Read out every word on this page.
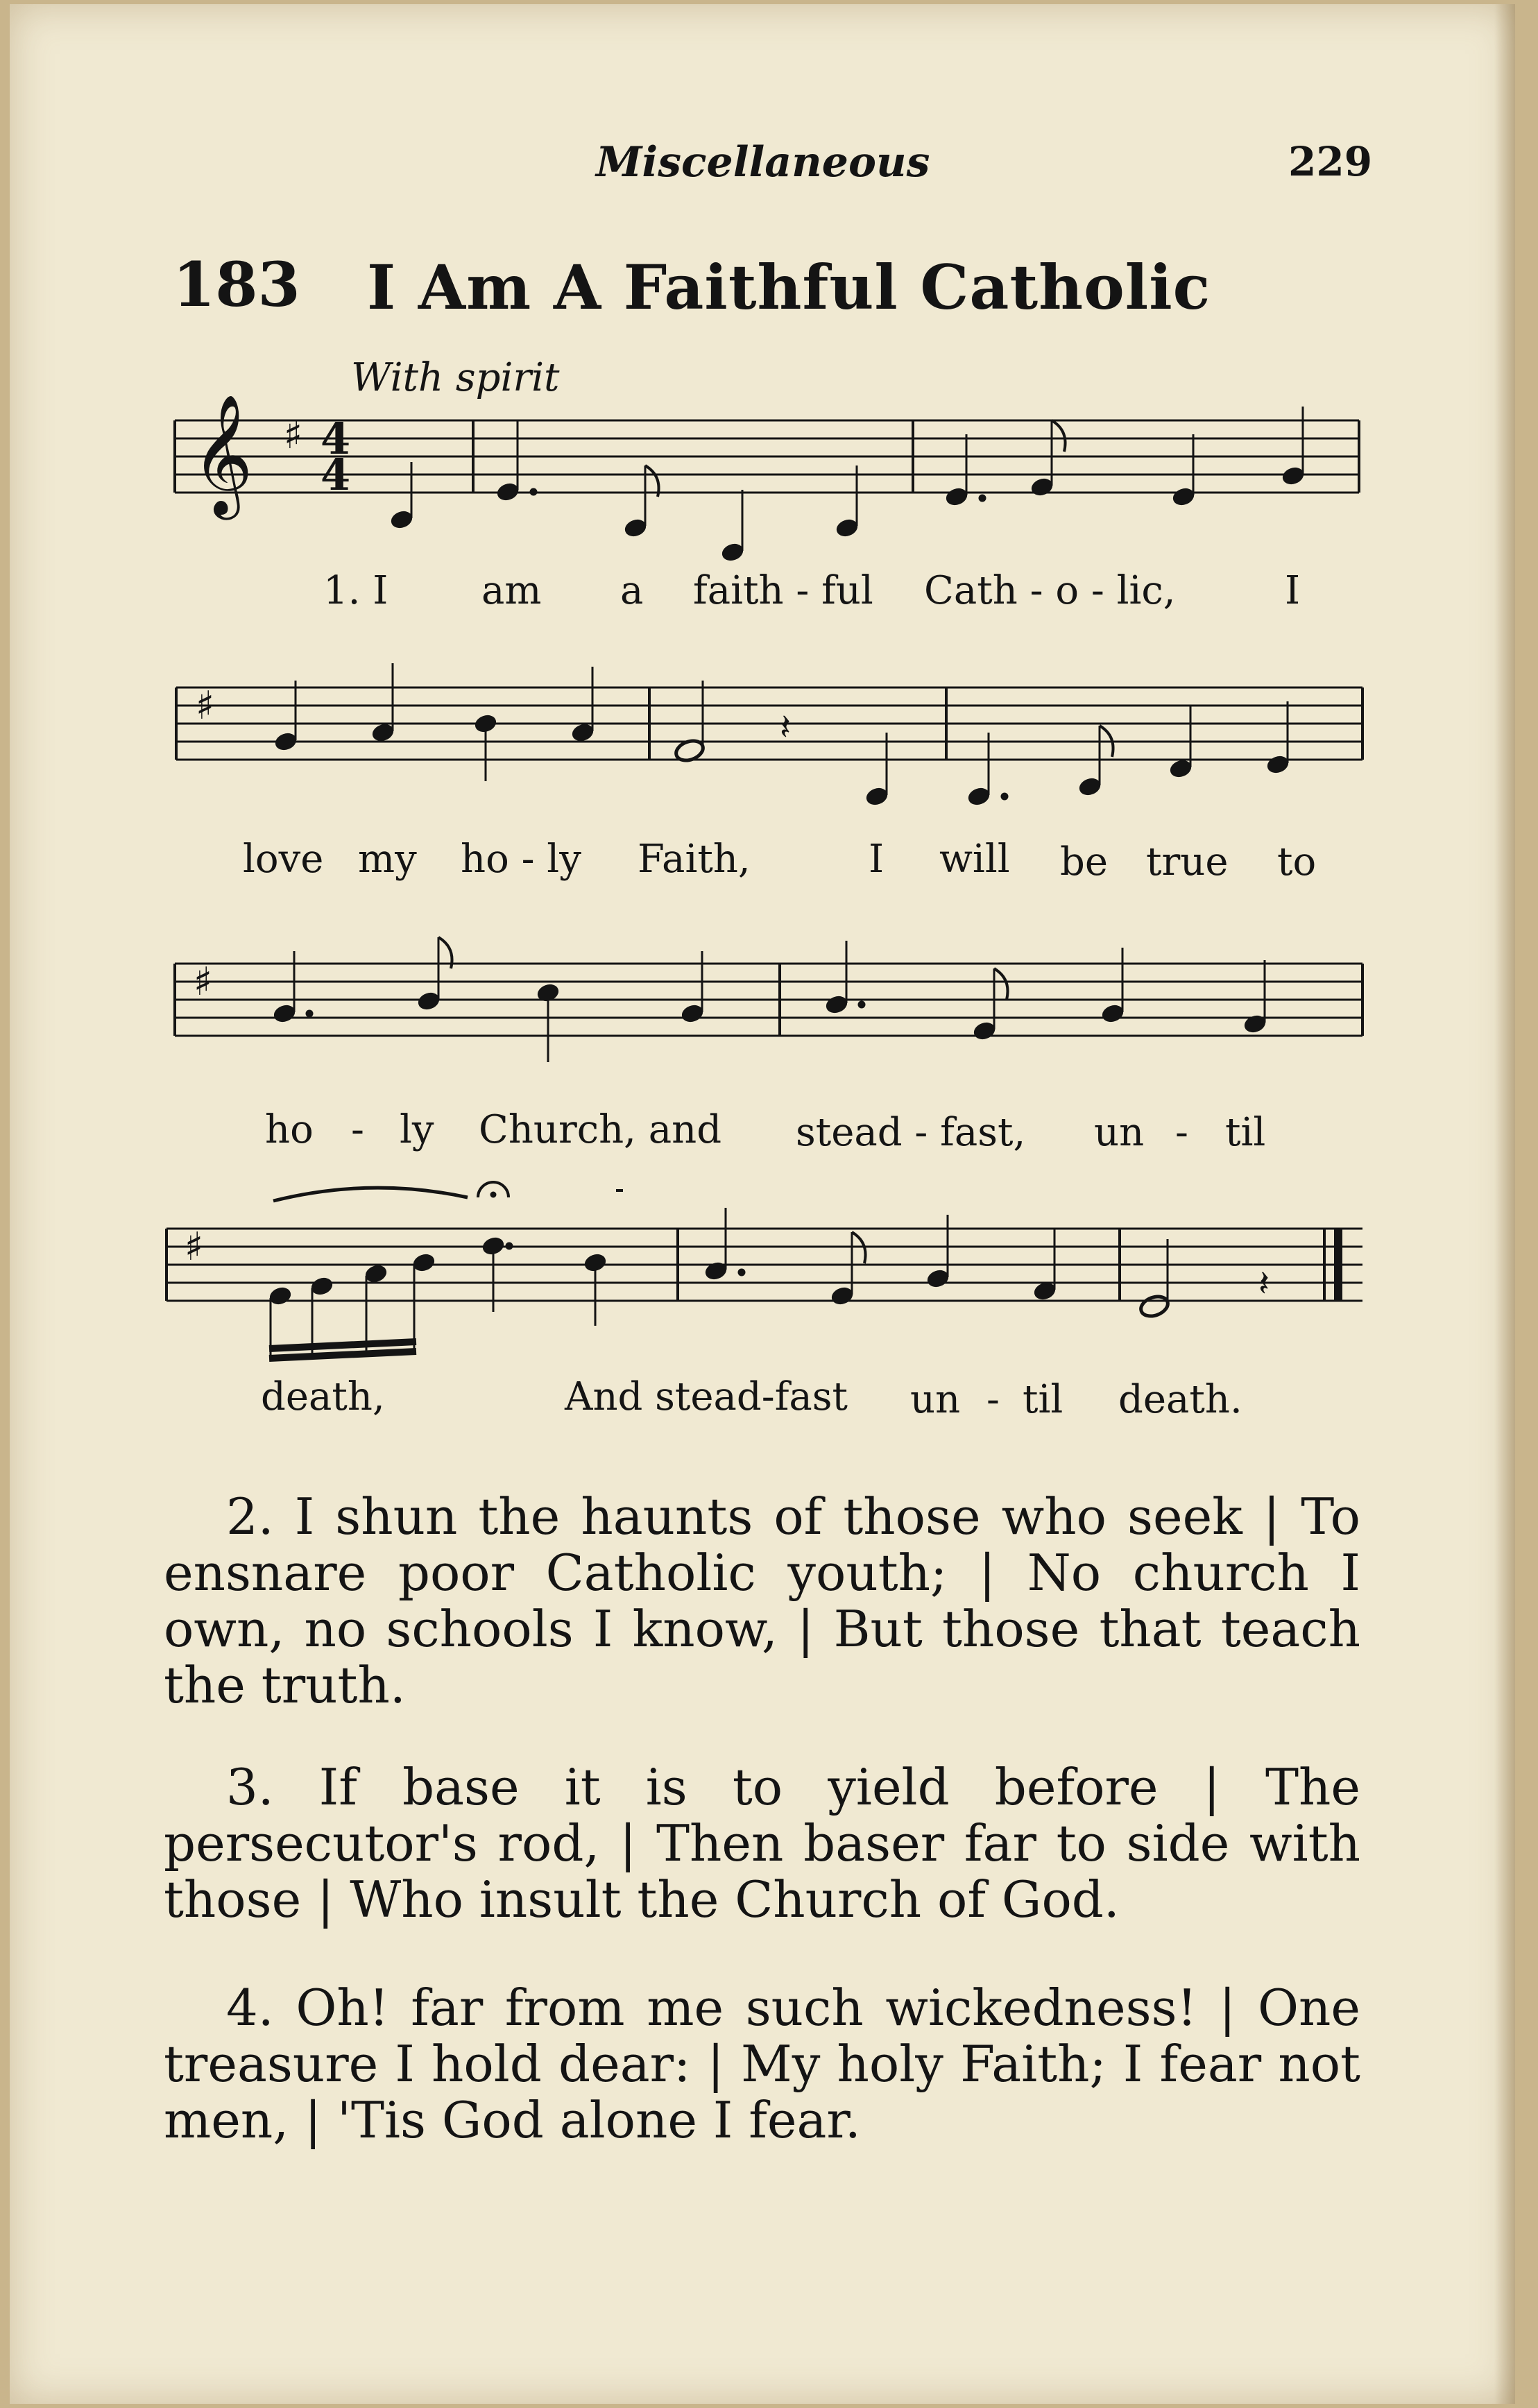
Miscellaneous	229
183 I Am A Faithful Catholic
With spirit
𝄞 ♯ 4
4
♯	𝄽
♯
♯
𝄽
1. I am a faith - ful Cath - o - lic,	I
love my ho - ly Faith,	I will be true to
ho - ly Church, and stead - fast, un - til
death,	And stead-fast un - til death.

2. I shun the haunts of those who seek | To ensnare poor Catholic youth; | No church I own, no schools I know, | But those that teach the truth.

3. If base it is to yield before | The persecutor's rod, | Then baser far to side with those | Who insult the Church of God.

4. Oh! far from me such wickedness! | One treasure I hold dear: | My holy Faith; I fear not men, | 'Tis God alone I fear.
